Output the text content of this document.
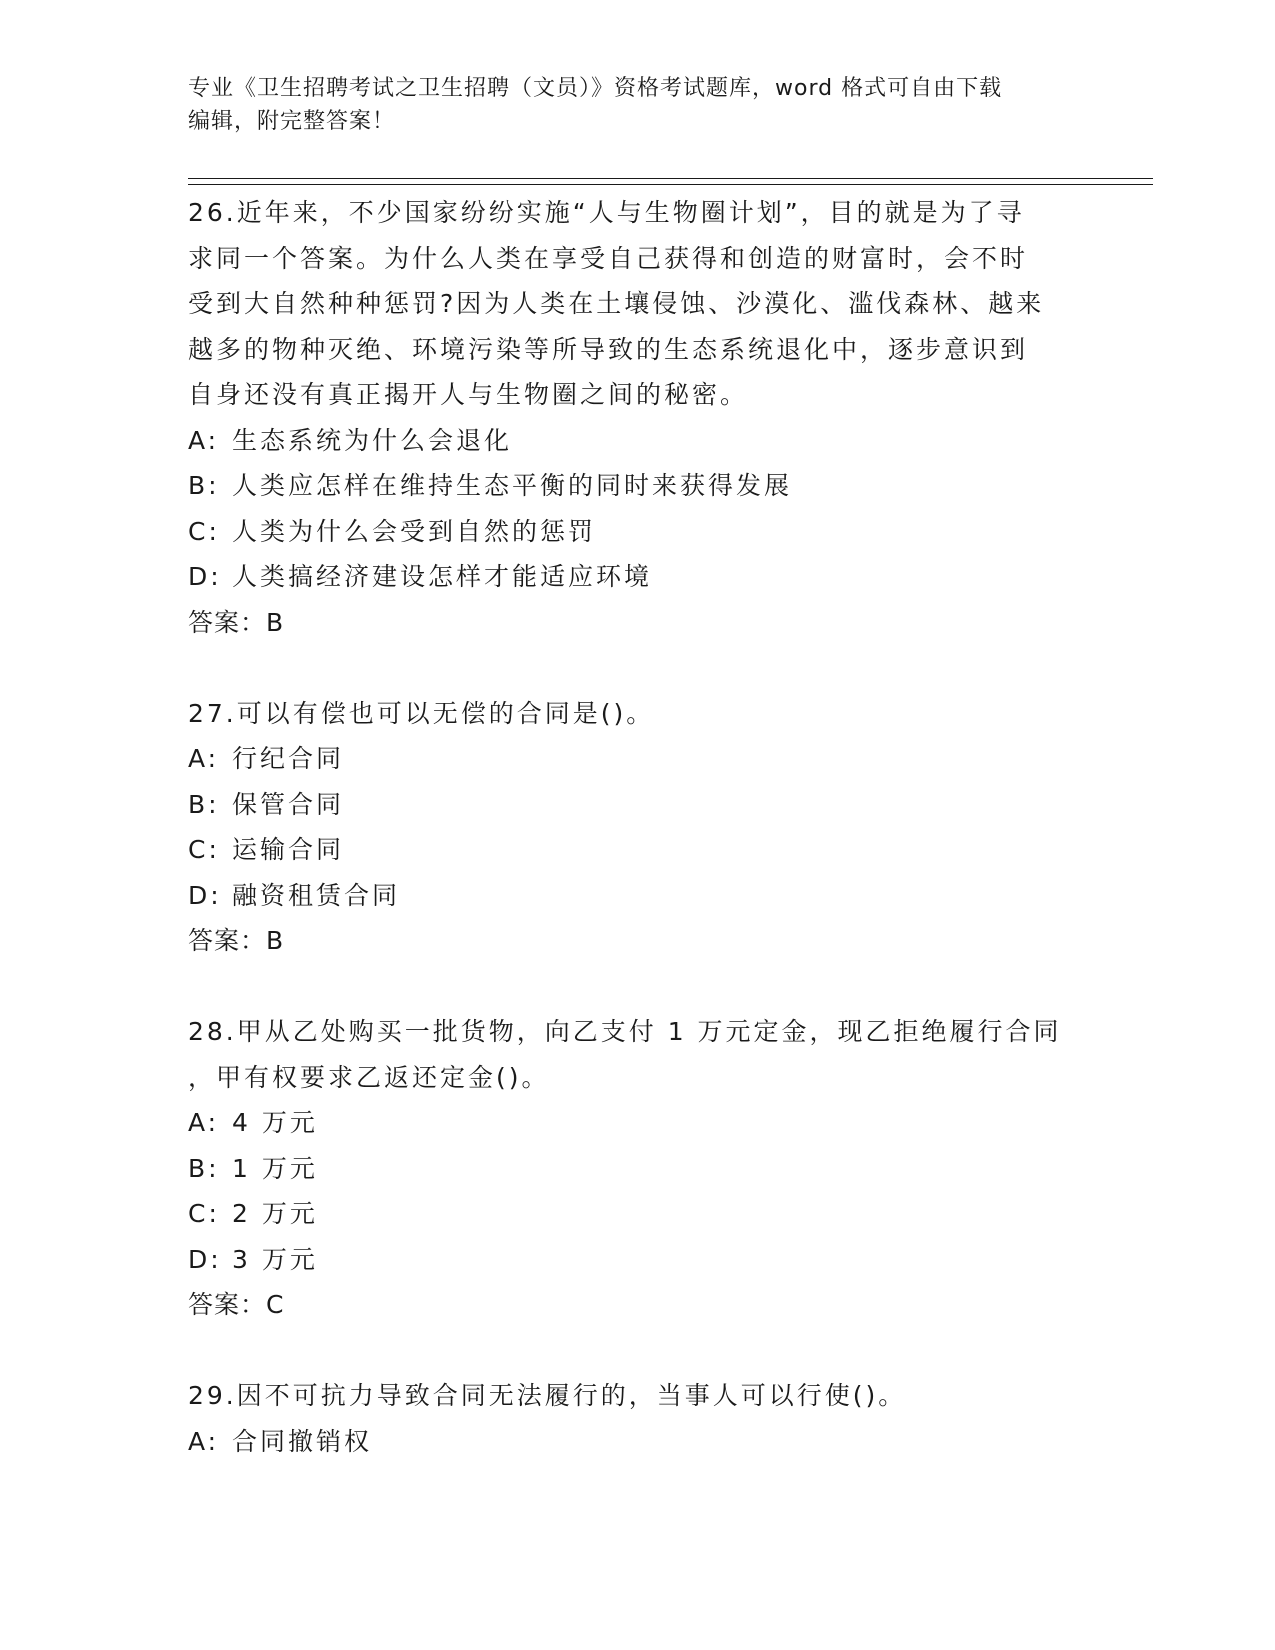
专业《卫生招聘考试之卫生招聘（文员）》资格考试题库，word 格式可自由下载
编辑，附完整答案！
26.近年来，不少国家纷纷实施“人与生物圈计划”，目的就是为了寻
求同一个答案。为什么人类在享受自己获得和创造的财富时，会不时
受到大自然种种惩罚?因为人类在土壤侵蚀、沙漠化、滥伐森林、越来
越多的物种灭绝、环境污染等所导致的生态系统退化中，逐步意识到
自身还没有真正揭开人与生物圈之间的秘密。
A: 生态系统为什么会退化
B: 人类应怎样在维持生态平衡的同时来获得发展
C: 人类为什么会受到自然的惩罚
D: 人类搞经济建设怎样才能适应环境
答案：B
27.可以有偿也可以无偿的合同是()。
A: 行纪合同
B: 保管合同
C: 运输合同
D: 融资租赁合同
答案：B
28.甲从乙处购买一批货物，向乙支付 1 万元定金，现乙拒绝履行合同
，甲有权要求乙返还定金()。
A: 4 万元
B: 1 万元
C: 2 万元
D: 3 万元
答案：C
29.因不可抗力导致合同无法履行的，当事人可以行使()。
A: 合同撤销权
